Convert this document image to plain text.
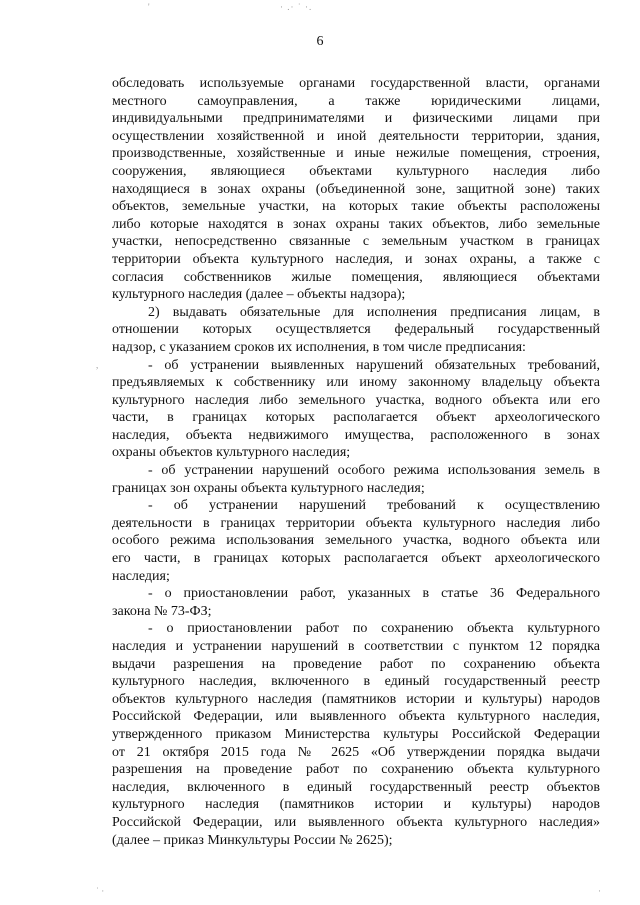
'	· .· ˙ ·.
,
˙ ·	·
6
обследовать используемые органами государственной власти, органами
местного самоуправления, а также юридическими лицами,
индивидуальными предпринимателями и физическими лицами при
осуществлении хозяйственной и иной деятельности территории, здания,
производственные, хозяйственные и иные нежилые помещения, строения,
сооружения, являющиеся объектами культурного наследия либо
находящиеся в зонах охраны (объединенной зоне, защитной зоне) таких
объектов, земельные участки, на которых такие объекты расположены
либо которые находятся в зонах охраны таких объектов, либо земельные
участки, непосредственно связанные с земельным участком в границах
территории объекта культурного наследия, и зонах охраны, а также с
согласия собственников жилые помещения, являющиеся объектами
культурного наследия (далее – объекты надзора);
2) выдавать обязательные для исполнения предписания лицам, в
отношении которых осуществляется федеральный государственный
надзор, с указанием сроков их исполнения, в том числе предписания:
- об устранении выявленных нарушений обязательных требований,
предъявляемых к собственнику или иному законному владельцу объекта
культурного наследия либо земельного участка, водного объекта или его
части, в границах которых располагается объект археологического
наследия, объекта недвижимого имущества, расположенного в зонах
охраны объектов культурного наследия;
- об устранении нарушений особого режима использования земель в
границах зон охраны объекта культурного наследия;
- об устранении нарушений требований к осуществлению
деятельности в границах территории объекта культурного наследия либо
особого режима использования земельного участка, водного объекта или
его части, в границах которых располагается объект археологического
наследия;
- о приостановлении работ, указанных в статье 36 Федерального
закона № 73-ФЗ;
- о приостановлении работ по сохранению объекта культурного
наследия и устранении нарушений в соответствии с пунктом 12 порядка
выдачи разрешения на проведение работ по сохранению объекта
культурного наследия, включенного в единый государственный реестр
объектов культурного наследия (памятников истории и культуры) народов
Российской Федерации, или выявленного объекта культурного наследия,
утвержденного приказом Министерства культуры Российской Федерации
от 21 октября 2015 года № 2625 «Об утверждении порядка выдачи
разрешения на проведение работ по сохранению объекта культурного
наследия, включенного в единый государственный реестр объектов
культурного наследия (памятников истории и культуры) народов
Российской Федерации, или выявленного объекта культурного наследия»
(далее – приказ Минкультуры России № 2625);
